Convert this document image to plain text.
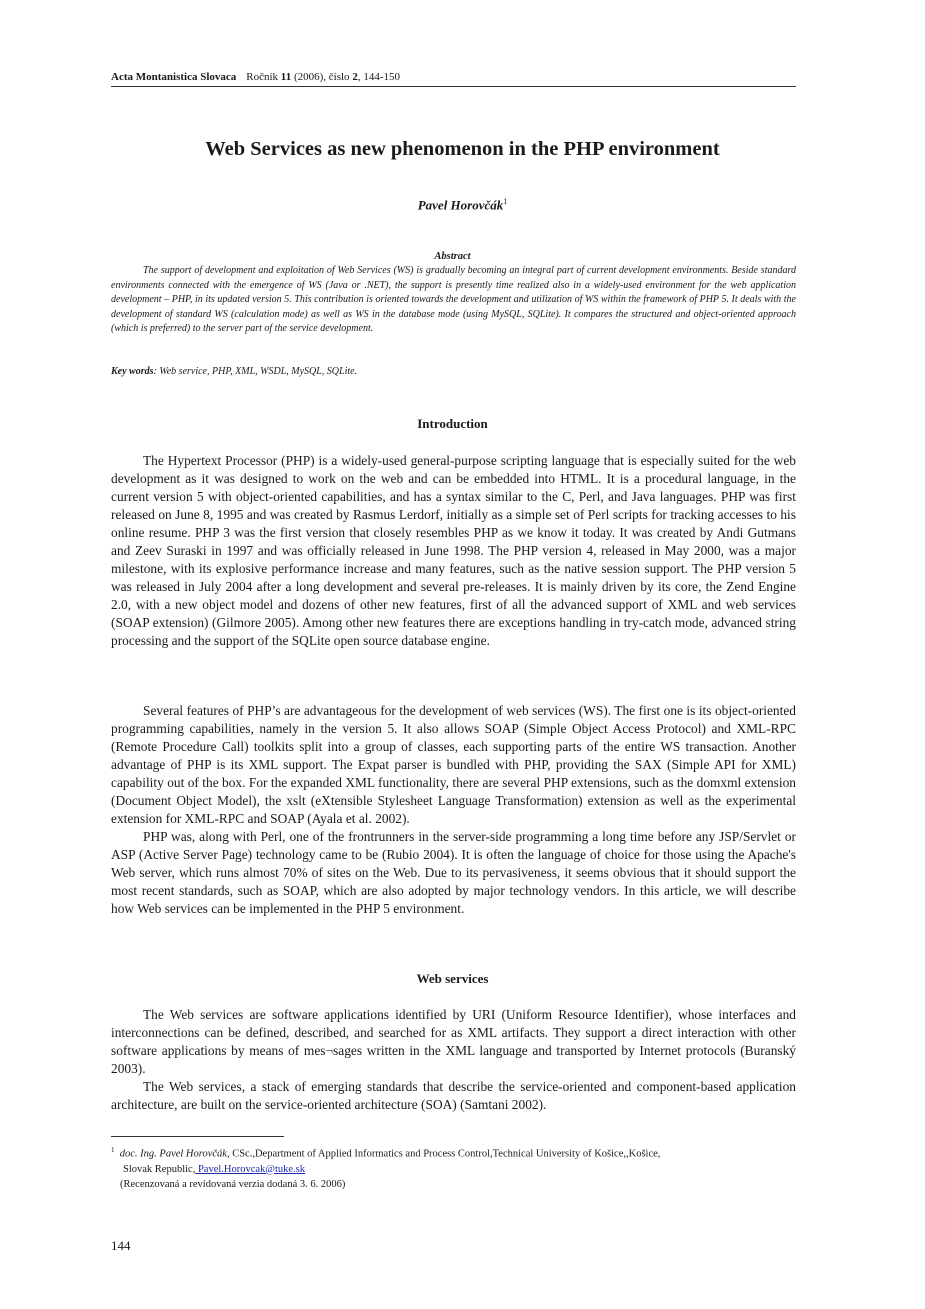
Acta Montanistica Slovaca Ročník 11 (2006), číslo 2, 144-150
Web Services as new phenomenon in the PHP environment
Pavel Horovčák$^1$
Abstract
The support of development and exploitation of Web Services (WS) is gradually becoming an integral part of current development environments. Beside standard environments connected with the emergence of WS (Java or .NET), the support is presently time realized also in a widely-used environment for the web application development – PHP, in its updated version 5. This contribution is oriented towards the development and utilization of WS within the framework of PHP 5. It deals with the development of standard WS (calculation mode) as well as WS in the database mode (using MySQL, SQLite). It compares the structured and object-oriented approach (which is preferred) to the server part of the service development.
Key words: Web service, PHP, XML, WSDL, MySQL, SQLite.
Introduction

The Hypertext Processor (PHP) is a widely-used general-purpose scripting language that is especially suited for the web development as it was designed to work on the web and can be embedded into HTML. It is a procedural language, in the current version 5 with object-oriented capabilities, and has a syntax similar to the C, Perl, and Java languages. PHP was first released on June 8, 1995 and was created by Rasmus Lerdorf, initially as a simple set of Perl scripts for tracking accesses to his online resume. PHP 3 was the first version that closely resembles PHP as we know it today. It was created by Andi Gutmans and Zeev Suraski in 1997 and was officially released in June 1998. The PHP version 4, released in May 2000, was a major milestone, with its explosive performance increase and many features, such as the native session support. The PHP version 5 was released in July 2004 after a long development and several pre-releases. It is mainly driven by its core, the Zend Engine 2.0, with a new object model and dozens of other new features, first of all the advanced support of XML and web services (SOAP extension) (Gilmore 2005). Among other new features there are exceptions handling in try-catch mode, advanced string processing and the support of the SQLite open source database engine.

Several features of PHP’s are advantageous for the development of web services (WS). The first one is its object-oriented programming capabilities, namely in the version 5. It also allows SOAP (Simple Object Access Protocol) and XML-RPC (Remote Procedure Call) toolkits split into a group of classes, each supporting parts of the entire WS transaction. Another advantage of PHP is its XML support. The Expat parser is bundled with PHP, providing the SAX (Simple API for XML) capability out of the box. For the expanded XML functionality, there are several PHP extensions, such as the domxml extension (Document Object Model), the xslt (eXtensible Stylesheet Language Transformation) extension as well as the experimental extension for XML-RPC and SOAP (Ayala et al. 2002).

PHP was, along with Perl, one of the frontrunners in the server-side programming a long time before any JSP/Servlet or ASP (Active Server Page) technology came to be (Rubio 2004). It is often the language of choice for those using the Apache's Web server, which runs almost 70% of sites on the Web. Due to its pervasiveness, it seems obvious that it should support the most recent standards, such as SOAP, which are also adopted by major technology vendors. In this article, we will describe how Web services can be implemented in the PHP 5 environment.

Web services

The Web services are software applications identified by URI (Uniform Resource Identifier), whose interfaces and interconnections can be defined, described, and searched for as XML artifacts. They support a direct interaction with other software applications by means of mes¬sages written in the XML language and transported by Internet protocols (Buranský 2003).

The Web services, a stack of emerging standards that describe the service-oriented and component-based application architecture, are built on the service-oriented architecture (SOA) (Samtani 2002).

$^1$ doc. Ing. Pavel Horovčák, CSc.,Department of Applied Informatics and Process Control,Technical University of Košice,,Košice,
Slovak Republic, Pavel.Horovcak@tuke.sk
(Recenzovaná a revidovaná verzia dodaná 3. 6. 2006)
144
